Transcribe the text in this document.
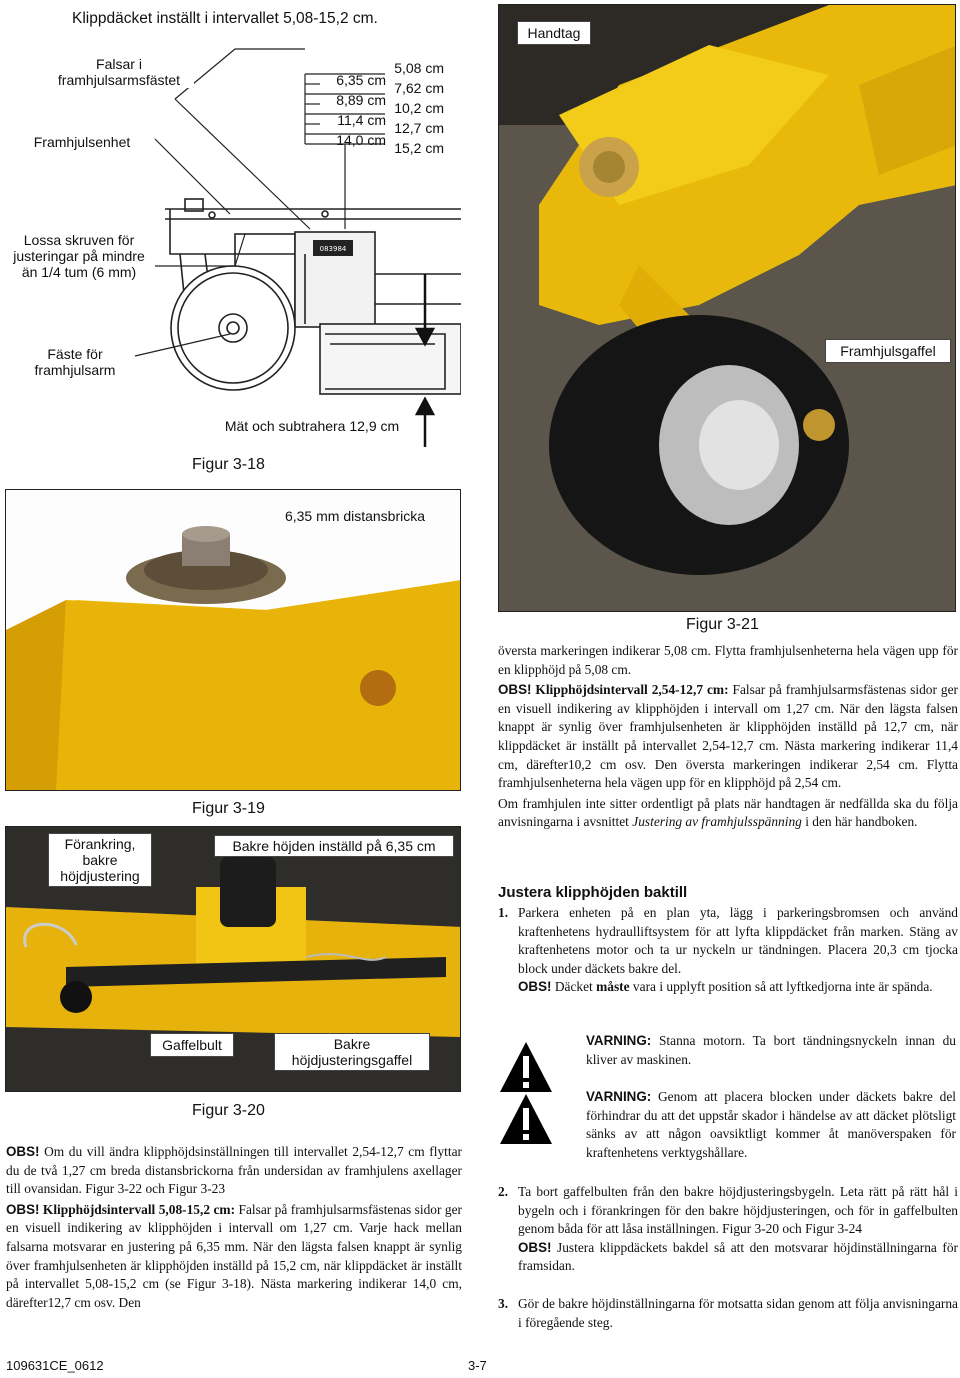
083984
Klippdäcket inställt i intervallet 5,08-15,2 cm.
Falsar i framhjulsarmsfästet
Framhjulsenhet
6,35 cm
8,89 cm
11,4 cm
14,0 cm
5,08 cm
7,62 cm
10,2 cm
12,7 cm
15,2 cm
Lossa skruven för justeringar på mindre än 1/4 tum (6 mm)
Fäste för framhjulsarm
Mät och subtrahera 12,9 cm
Figur 3-18
Handtag
Framhjulsgaffel
Figur 3-21
6,35 mm distansbricka
Figur 3-19
Förankring, bakre höjdjustering
Bakre höjden inställd på 6,35 cm
Gaffelbult	Bakre höjdjusteringsgaffel
Figur 3-20

OBS! Om du vill ändra klipphöjdsinställningen till intervallet 2,54-12,7 cm flyttar du de två 1,27 cm breda distansbrickorna från undersidan av framhjulens axellager till ovansidan. Figur 3-22 och Figur 3-23

OBS! Klipphöjdsintervall 5,08-15,2 cm: Falsar på framhjulsarmsfästenas sidor ger en visuell indikering av klipphöjden i intervall om 1,27 cm. Varje hack mellan falsarna motsvarar en justering på 6,35 mm. När den lägsta falsen knappt är synlig över framhjulsenheten är klipphöjden inställd på 15,2 cm, när klippdäcket är inställt på intervallet 5,08-15,2 cm (se Figur 3-18). Nästa markering indikerar 14,0 cm, därefter12,7 cm osv. Den

översta markeringen indikerar 5,08 cm. Flytta framhjulsenheterna hela vägen upp för en klipphöjd på 5,08 cm.

OBS! Klipphöjdsintervall 2,54-12,7 cm: Falsar på framhjulsarmsfästenas sidor ger en visuell indikering av klipphöjden i intervall om 1,27 cm. När den lägsta falsen knappt är synlig över framhjulsenheten är klipphöjden inställd på 12,7 cm, när klippdäcket är inställt på intervallet 2,54-12,7 cm. Nästa markering indikerar 11,4 cm, därefter10,2 cm osv. Den översta markeringen indikerar 2,54 cm. Flytta framhjulsenheterna hela vägen upp för en klipphöjd på 2,54 cm.

Om framhjulen inte sitter ordentligt på plats när handtagen är nedfällda ska du följa anvisningarna i avsnittet Justering av framhjulsspänning i den här handboken.

Justera klipphöjden baktill

1. Parkera enheten på en plan yta, lägg i parkeringsbromsen och använd kraftenhetens hydraulliftsystem för att lyfta klippdäcket från marken. Stäng av kraftenhetens motor och ta ur nyckeln ur tändningen. Placera 20,3 cm tjocka block under däckets bakre del.

OBS! Däcket måste vara i upplyft position så att lyftkedjorna inte är spända.

VARNING: Stanna motorn. Ta bort tändningsnyckeln innan du kliver av maskinen.
VARNING: Genom att placera blocken under däckets bakre del förhindrar du att det uppstår skador i händelse av att däcket plötsligt sänks av att någon oavsiktligt kommer åt manöverspaken för kraftenhetens verktygshållare.

2. Ta bort gaffelbulten från den bakre höjdjusteringsbygeln. Leta rätt på rätt hål i bygeln och i förankringen för den bakre höjdjusteringen, och för in gaffelbulten genom båda för att låsa inställningen. Figur 3-20 och Figur 3-24

OBS! Justera klippdäckets bakdel så att den motsvarar höjdinställningarna för framsidan.

3. Gör de bakre höjdinställningarna för motsatta sidan genom att följa anvisningarna i föregående steg.

109631CE_0612	3-7
